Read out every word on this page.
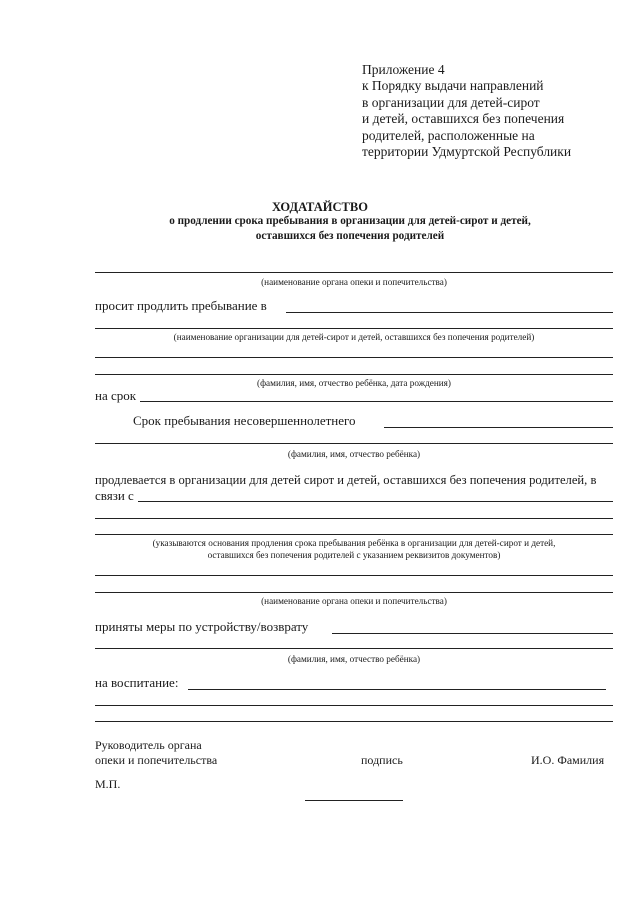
Приложение 4
к Порядку выдачи направлений
в организации для детей-сирот
и детей, оставшихся без попечения
родителей, расположенные на
территории Удмуртской Республики
ХОДАТАЙСТВО
о продлении срока пребывания в организации для детей-сирот и детей,
оставшихся без попечения родителей
(наименование органа опеки и попечительства)
просит продлить пребывание в
(наименование организации для детей-сирот и детей, оставшихся без попечения родителей)
(фамилия, имя, отчество ребёнка, дата рождения)
на срок
Срок пребывания несовершеннолетнего
(фамилия, имя, отчество ребёнка)
продлевается в организации для детей сирот и детей, оставшихся без попечения родителей, в
связи с
(указываются основания продления срока пребывания ребёнка в организации для детей-сирот и детей,
оставшихся без попечения родителей с указанием реквизитов документов)
(наименование органа опеки и попечительства)
приняты меры по устройству/возврату
(фамилия, имя, отчество ребёнка)
на воспитание:
Руководитель органа
опеки и попечительства	подпись	И.О. Фамилия
М.П.
